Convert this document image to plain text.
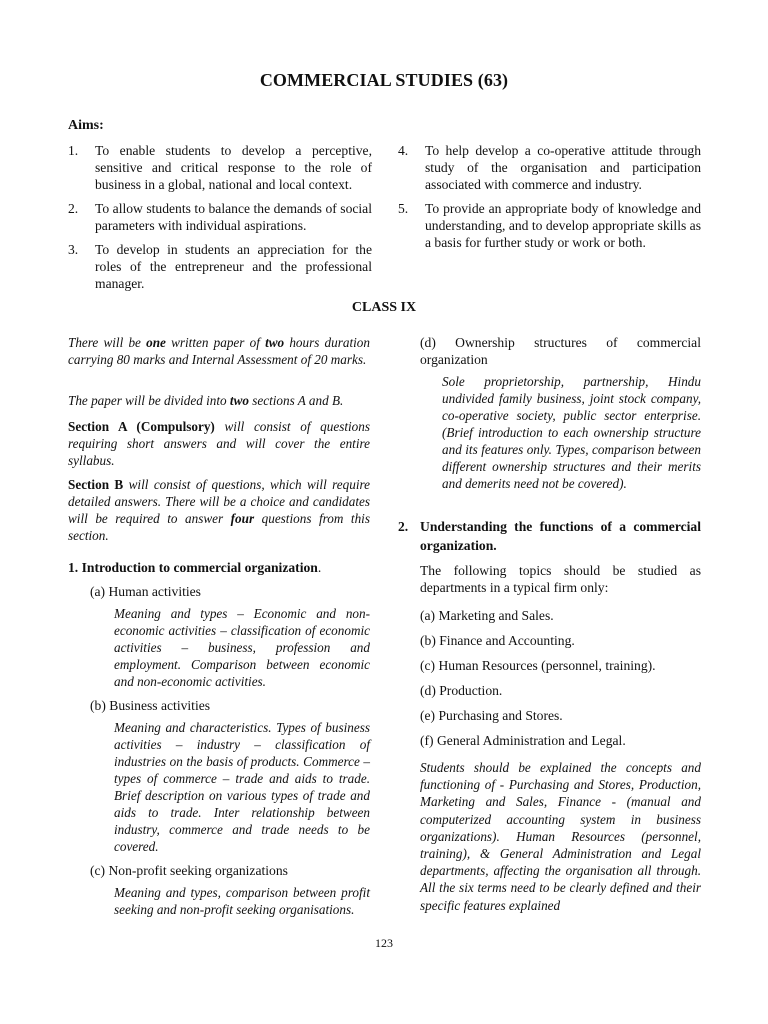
COMMERCIAL STUDIES (63)
Aims:
1. To enable students to develop a perceptive, sensitive and critical response to the role of business in a global, national and local context.
2. To allow students to balance the demands of social parameters with individual aspirations.
3. To develop in students an appreciation for the roles of the entrepreneur and the professional manager.
4. To help develop a co-operative attitude through study of the organisation and participation associated with commerce and industry.
5. To provide an appropriate body of knowledge and understanding, and to develop appropriate skills as a basis for further study or work or both.
CLASS IX
There will be one written paper of two hours duration carrying 80 marks and Internal Assessment of 20 marks.
The paper will be divided into two sections A and B.
Section A (Compulsory) will consist of questions requiring short answers and will cover the entire syllabus.
Section B will consist of questions, which will require detailed answers. There will be a choice and candidates will be required to answer four questions from this section.
1. Introduction to commercial organization.
(a) Human activities
Meaning and types – Economic and non-economic activities – classification of economic activities – business, profession and employment. Comparison between economic and non-economic activities.
(b) Business activities
Meaning and characteristics. Types of business activities – industry – classification of industries on the basis of products. Commerce – types of commerce – trade and aids to trade. Brief description on various types of trade and aids to trade. Inter relationship between industry, commerce and trade needs to be covered.
(c) Non-profit seeking organizations
Meaning and types, comparison between profit seeking and non-profit seeking organisations.
(d) Ownership structures of commercial organization
Sole proprietorship, partnership, Hindu undivided family business, joint stock company, co-operative society, public sector enterprise. (Brief introduction to each ownership structure and its features only. Types, comparison between different ownership structures and their merits and demerits need not be covered).
2. Understanding the functions of a commercial organization.
The following topics should be studied as departments in a typical firm only:
(a) Marketing and Sales.
(b) Finance and Accounting.
(c) Human Resources (personnel, training).
(d) Production.
(e) Purchasing and Stores.
(f) General Administration and Legal.
Students should be explained the concepts and functioning of - Purchasing and Stores, Production, Marketing and Sales, Finance - (manual and computerized accounting system in business organizations). Human Resources (personnel, training), & General Administration and Legal departments, affecting the organisation all through. All the six terms need to be clearly defined and their specific features explained
123
